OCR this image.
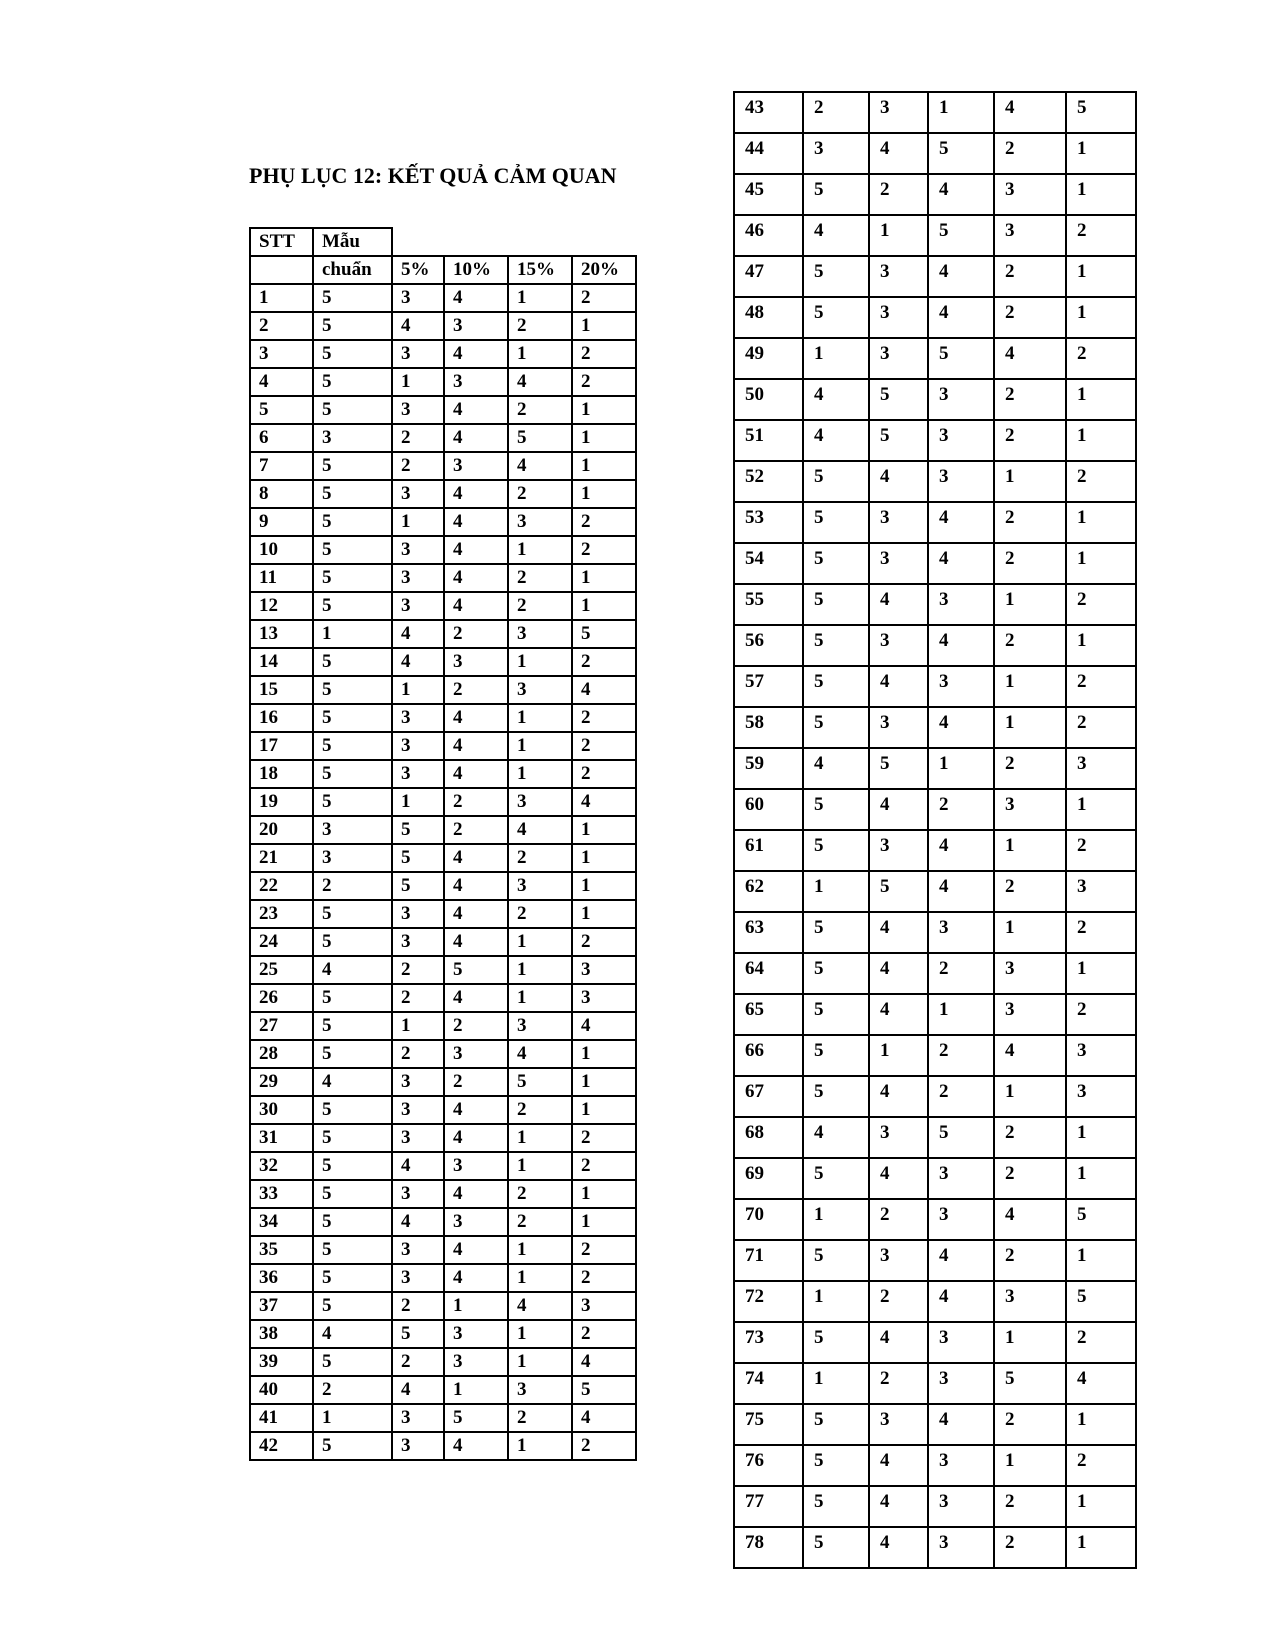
PHỤ LỤC 12: KẾT QUẢ CẢM QUAN
STT	Mẫu				
	chuẩn	5%	10%	15%	20%
1	5	3	4	1	2
2	5	4	3	2	1
3	5	3	4	1	2
4	5	1	3	4	2
5	5	3	4	2	1
6	3	2	4	5	1
7	5	2	3	4	1
8	5	3	4	2	1
9	5	1	4	3	2
10	5	3	4	1	2
11	5	3	4	2	1
12	5	3	4	2	1
13	1	4	2	3	5
14	5	4	3	1	2
15	5	1	2	3	4
16	5	3	4	1	2
17	5	3	4	1	2
18	5	3	4	1	2
19	5	1	2	3	4
20	3	5	2	4	1
21	3	5	4	2	1
22	2	5	4	3	1
23	5	3	4	2	1
24	5	3	4	1	2
25	4	2	5	1	3
26	5	2	4	1	3
27	5	1	2	3	4
28	5	2	3	4	1
29	4	3	2	5	1
30	5	3	4	2	1
31	5	3	4	1	2
32	5	4	3	1	2
33	5	3	4	2	1
34	5	4	3	2	1
35	5	3	4	1	2
36	5	3	4	1	2
37	5	2	1	4	3
38	4	5	3	1	2
39	5	2	3	1	4
40	2	4	1	3	5
41	1	3	5	2	4
42	5	3	4	1	2
43	2	3	1	4	5
44	3	4	5	2	1
45	5	2	4	3	1
46	4	1	5	3	2
47	5	3	4	2	1
48	5	3	4	2	1
49	1	3	5	4	2
50	4	5	3	2	1
51	4	5	3	2	1
52	5	4	3	1	2
53	5	3	4	2	1
54	5	3	4	2	1
55	5	4	3	1	2
56	5	3	4	2	1
57	5	4	3	1	2
58	5	3	4	1	2
59	4	5	1	2	3
60	5	4	2	3	1
61	5	3	4	1	2
62	1	5	4	2	3
63	5	4	3	1	2
64	5	4	2	3	1
65	5	4	1	3	2
66	5	1	2	4	3
67	5	4	2	1	3
68	4	3	5	2	1
69	5	4	3	2	1
70	1	2	3	4	5
71	5	3	4	2	1
72	1	2	4	3	5
73	5	4	3	1	2
74	1	2	3	5	4
75	5	3	4	2	1
76	5	4	3	1	2
77	5	4	3	2	1
78	5	4	3	2	1
